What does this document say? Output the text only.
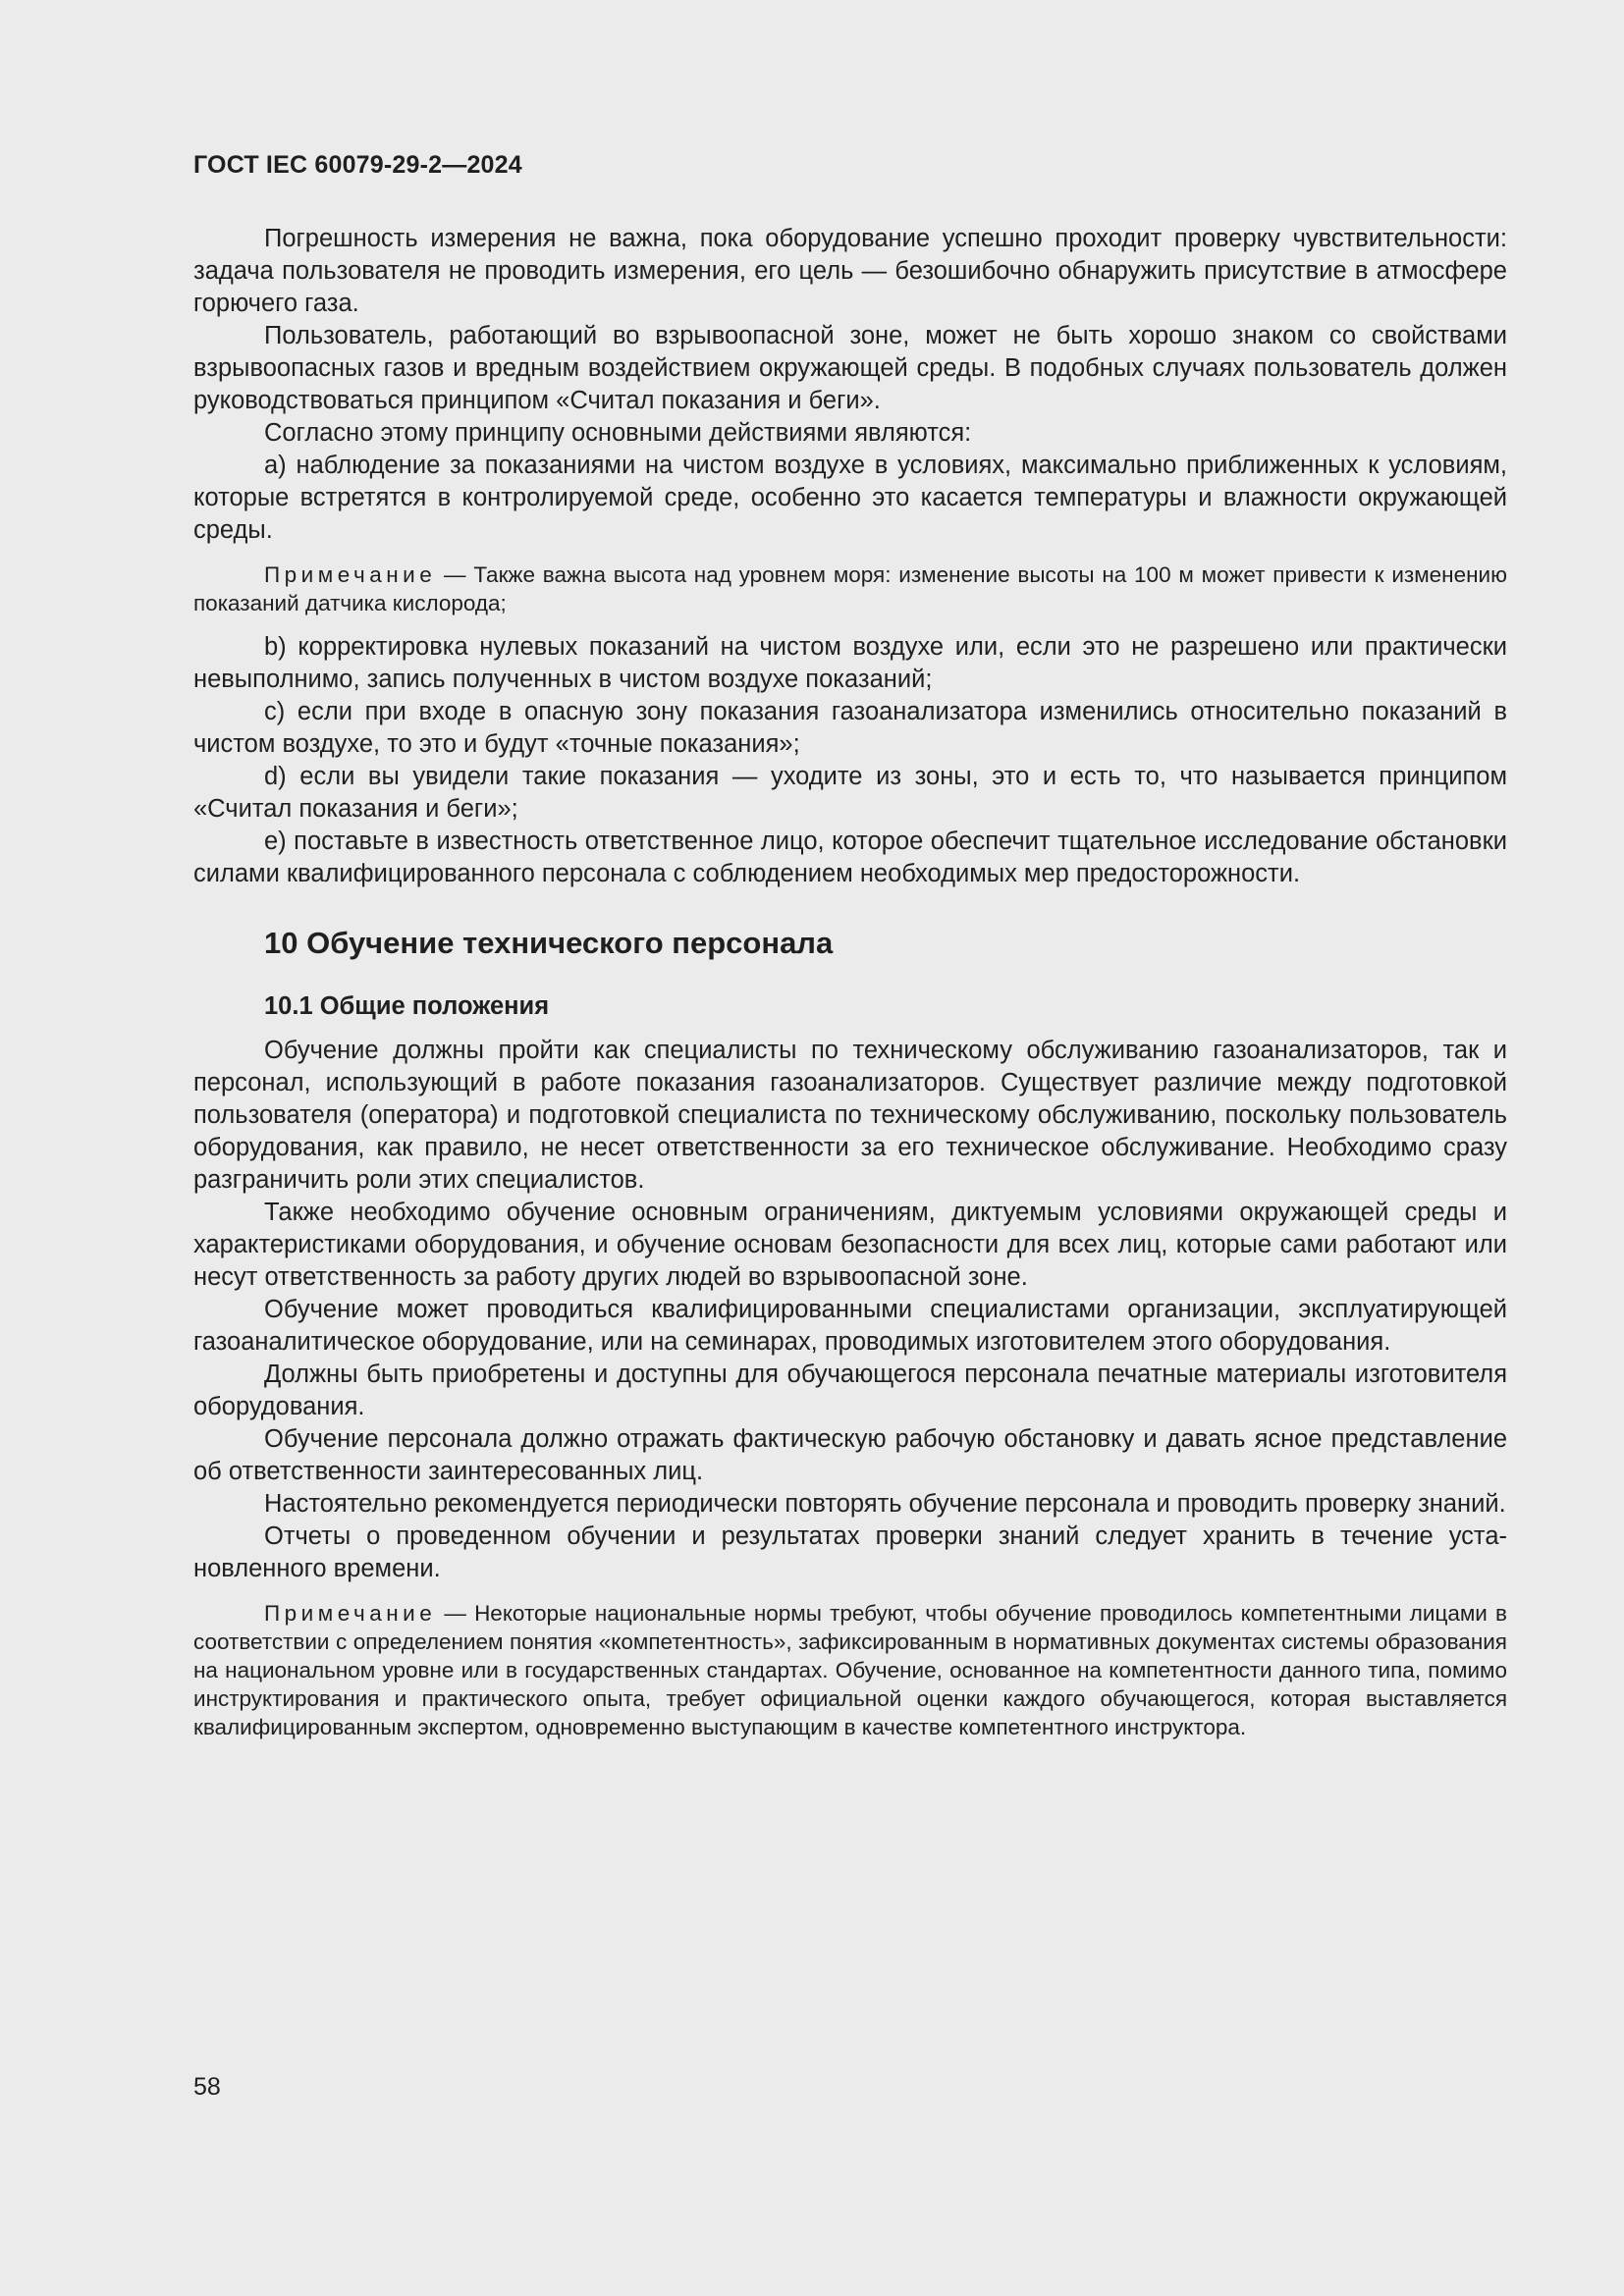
ГОСТ IEC 60079-29-2—2024

Погрешность измерения не важна, пока оборудование успешно проходит проверку чувствительности: задача пользователя не проводить измерения, его цель — безошибочно обнаружить присутствие в атмосфере горючего газа.

Пользователь, работающий во взрывоопасной зоне, может не быть хорошо знаком со свойствами взрывоопасных газов и вредным воздействием окружающей среды. В подобных случаях пользователь должен руководствоваться принципом «Считал показания и беги».

Согласно этому принципу основными действиями являются:

а) наблюдение за показаниями на чистом воздухе в условиях, максимально приближенных к условиям, которые встретятся в контролируемой среде, особенно это касается температуры и влажности окружающей среды.

Примечание — Также важна высота над уровнем моря: изменение высоты на 100 м может привести к изменению показаний датчика кислорода;

b) корректировка нулевых показаний на чистом воздухе или, если это не разрешено или практически невыполнимо, запись полученных в чистом воздухе показаний;

c) если при входе в опасную зону показания газоанализатора изменились относительно показаний в чистом воздухе, то это и будут «точные показания»;

d) если вы увидели такие показания — уходите из зоны, это и есть то, что называется принципом «Считал показания и беги»;

e) поставьте в известность ответственное лицо, которое обеспечит тщательное исследование обстановки силами квалифицированного персонала с соблюдением необходимых мер предосторожности.

10 Обучение технического персонала
10.1 Общие положения

Обучение должны пройти как специалисты по техническому обслуживанию газоанализаторов, так и персонал, использующий в работе показания газоанализаторов. Существует различие между подготовкой пользователя (оператора) и подготовкой специалиста по техническому обслуживанию, поскольку пользователь оборудования, как правило, не несет ответственности за его техническое обслуживание. Необходимо сразу разграничить роли этих специалистов.

Также необходимо обучение основным ограничениям, диктуемым условиями окружающей среды и характеристиками оборудования, и обучение основам безопасности для всех лиц, которые сами работают или несут ответственность за работу других людей во взрывоопасной зоне.

Обучение может проводиться квалифицированными специалистами организации, эксплуатирующей газоаналитическое оборудование, или на семинарах, проводимых изготовителем этого оборудования.

Должны быть приобретены и доступны для обучающегося персонала печатные материалы изготовителя оборудования.

Обучение персонала должно отражать фактическую рабочую обстановку и давать ясное представление об ответственности заинтересованных лиц.

Настоятельно рекомендуется периодически повторять обучение персонала и проводить проверку знаний.

Отчеты о проведенном обучении и результатах проверки знаний следует хранить в течение установленного времени.

Примечание — Некоторые национальные нормы требуют, чтобы обучение проводилось компетентными лицами в соответствии с определением понятия «компетентность», зафиксированным в нормативных документах системы образования на национальном уровне или в государственных стандартах. Обучение, основанное на компетентности данного типа, помимо инструктирования и практического опыта, требует официальной оценки каждого обучающегося, которая выставляется квалифицированным экспертом, одновременно выступающим в качестве компетентного инструктора.

58
